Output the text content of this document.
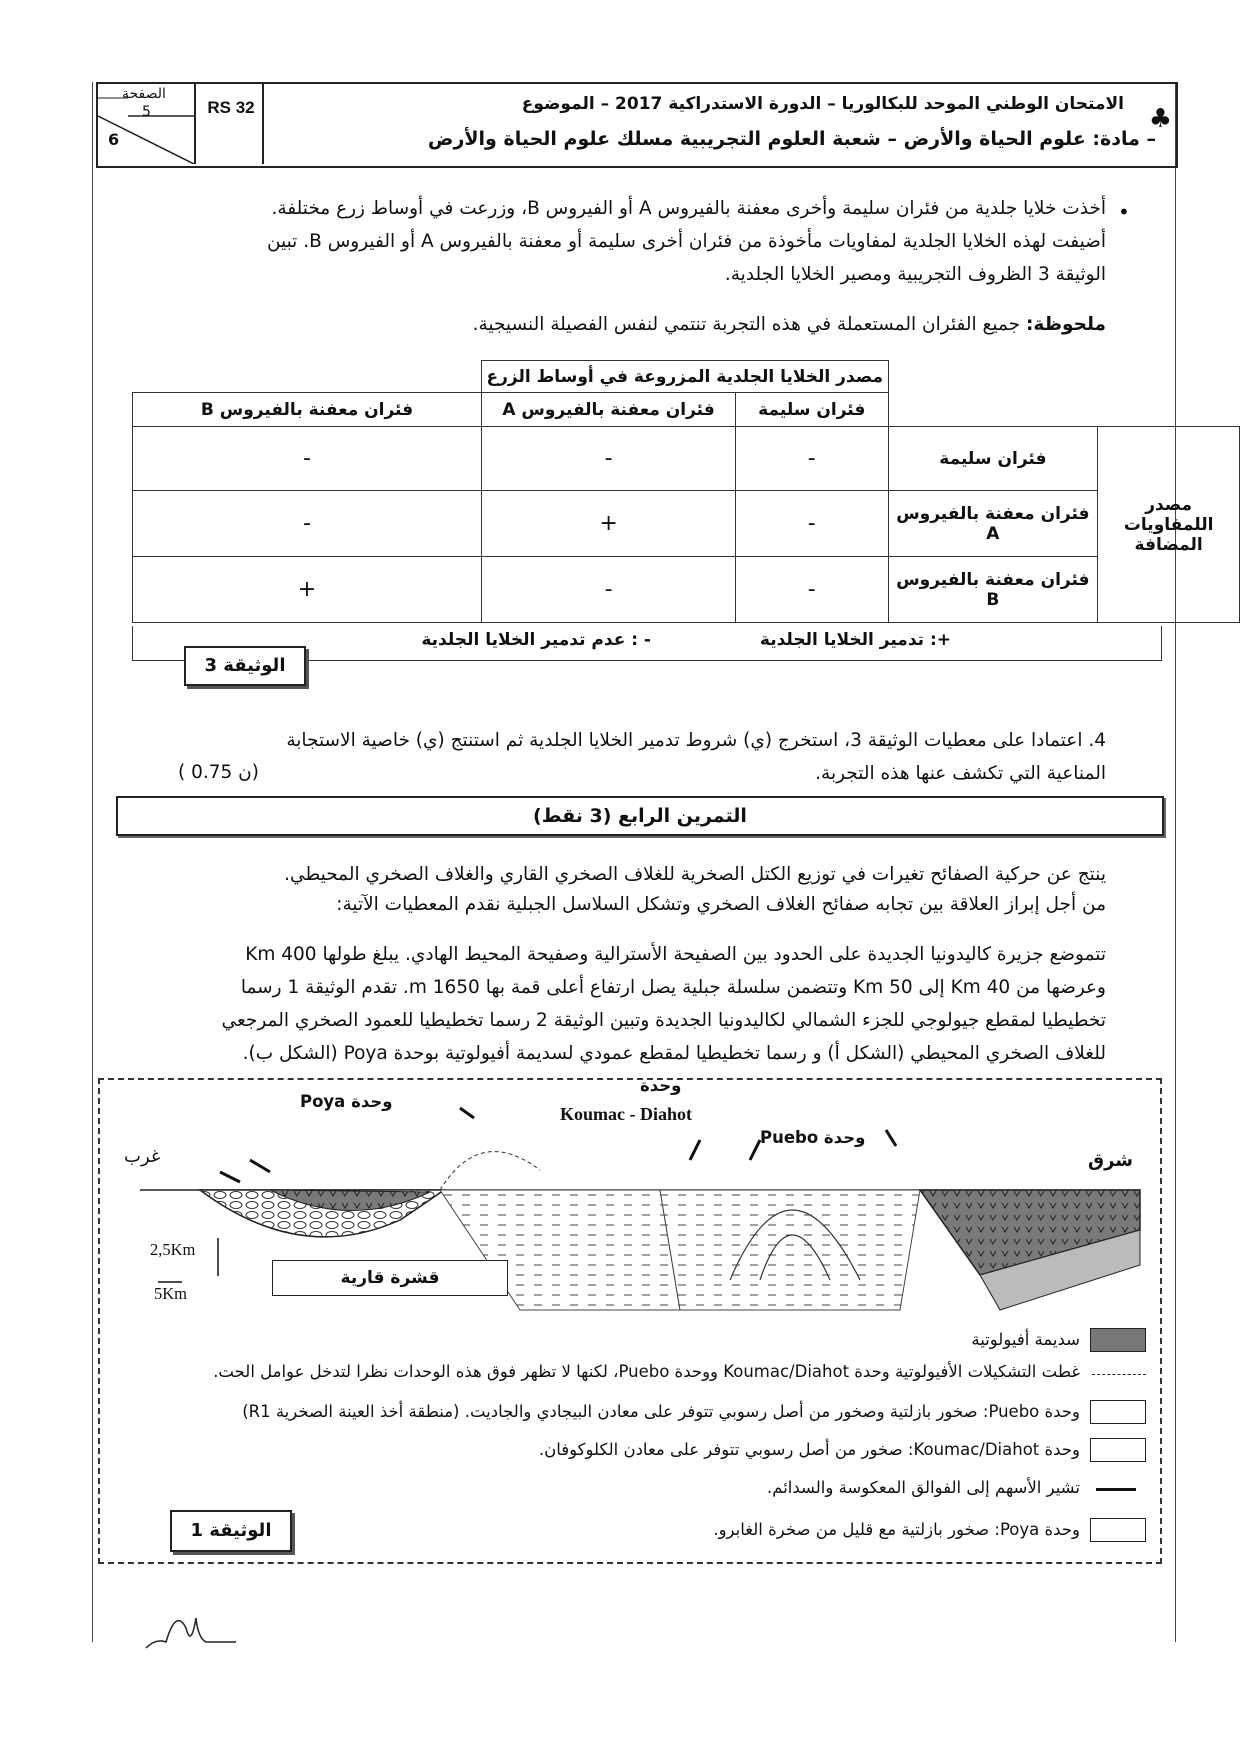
الصفحة
5
6
RS 32	الامتحان الوطني الموحد للبكالوريا – الدورة الاستدراكية 2017 – الموضوع
– مادة: علوم الحياة والأرض – شعبة العلوم التجريبية مسلك علوم الحياة والأرض
♣
•
أخذت خلايا جلدية من فئران سليمة وأخرى معفنة بالفيروس A أو الفيروس B، وزرعت في أوساط زرع مختلفة.
أضيفت لهذه الخلايا الجلدية لمفاويات مأخوذة من فئران أخرى سليمة أو معفنة بالفيروس A أو الفيروس B. تبين
الوثيقة 3 الظروف التجريبية ومصير الخلايا الجلدية.
ملحوظة: جميع الفئران المستعملة في هذه التجربة تنتمي لنفس الفصيلة النسيجية.
		مصدر الخلايا الجلدية المزروعة في أوساط الزرع		
		فئران سليمة	فئران معفنة بالفيروس A	فئران معفنة بالفيروس B
مصدر اللمفاويات المضافة	فئران سليمة	-	-	-
	فئران معفنة بالفيروس A	-	+	-
	فئران معفنة بالفيروس B	-	-	+
+: تدمير الخلايا الجلدية
- : عدم تدمير الخلايا الجلدية
الوثيقة 3
4. اعتمادا على معطيات الوثيقة 3، استخرج (ي) شروط تدمير الخلايا الجلدية ثم استنتج (ي) خاصية الاستجابة
المناعية التي تكشف عنها هذه التجربة.
( 0.75 ن)
التمرين الرابع (3 نقط)
ينتج عن حركية الصفائح تغيرات في توزيع الكتل الصخرية للغلاف الصخري القاري والغلاف الصخري المحيطي.
من أجل إبراز العلاقة بين تجابه صفائح الغلاف الصخري وتشكل السلاسل الجبلية نقدم المعطيات الآتية:
تتموضع جزيرة كاليدونيا الجديدة على الحدود بين الصفيحة الأسترالية وصفيحة المحيط الهادي. يبلغ طولها 400 Km
وعرضها من 40 Km إلى 50 Km وتتضمن سلسلة جبلية يصل ارتفاع أعلى قمة بها 1650 m. تقدم الوثيقة 1 رسما
تخطيطيا لمقطع جيولوجي للجزء الشمالي لكاليدونيا الجديدة وتبين الوثيقة 2 رسما تخطيطيا للعمود الصخري المرجعي
للغلاف الصخري المحيطي (الشكل أ) و رسما تخطيطيا لمقطع عمودي لسديمة أفيولوتية بوحدة Poya (الشكل ب).
وحدة Poya
وحدة
Koumac - Diahot
وحدة Puebo
غرب	شرق
2,5Km
5Km
قشرة قارية
سديمة أفيولوتية
غطت التشكيلات الأفيولوتية وحدة Koumac/Diahot ووحدة Puebo، لكنها لا تظهر فوق هذه الوحدات نظرا لتدخل عوامل الحت.
وحدة Puebo: صخور بازلتية وصخور من أصل رسوبي تتوفر على معادن البيجادي والجاديت. (منطقة أخذ العينة الصخرية R1)
وحدة Koumac/Diahot: صخور من أصل رسوبي تتوفر على معادن الكلوكوفان.
تشير الأسهم إلى الفوالق المعكوسة والسدائم.
وحدة Poya: صخور بازلتية مع قليل من صخرة الغابرو.
الوثيقة 1
